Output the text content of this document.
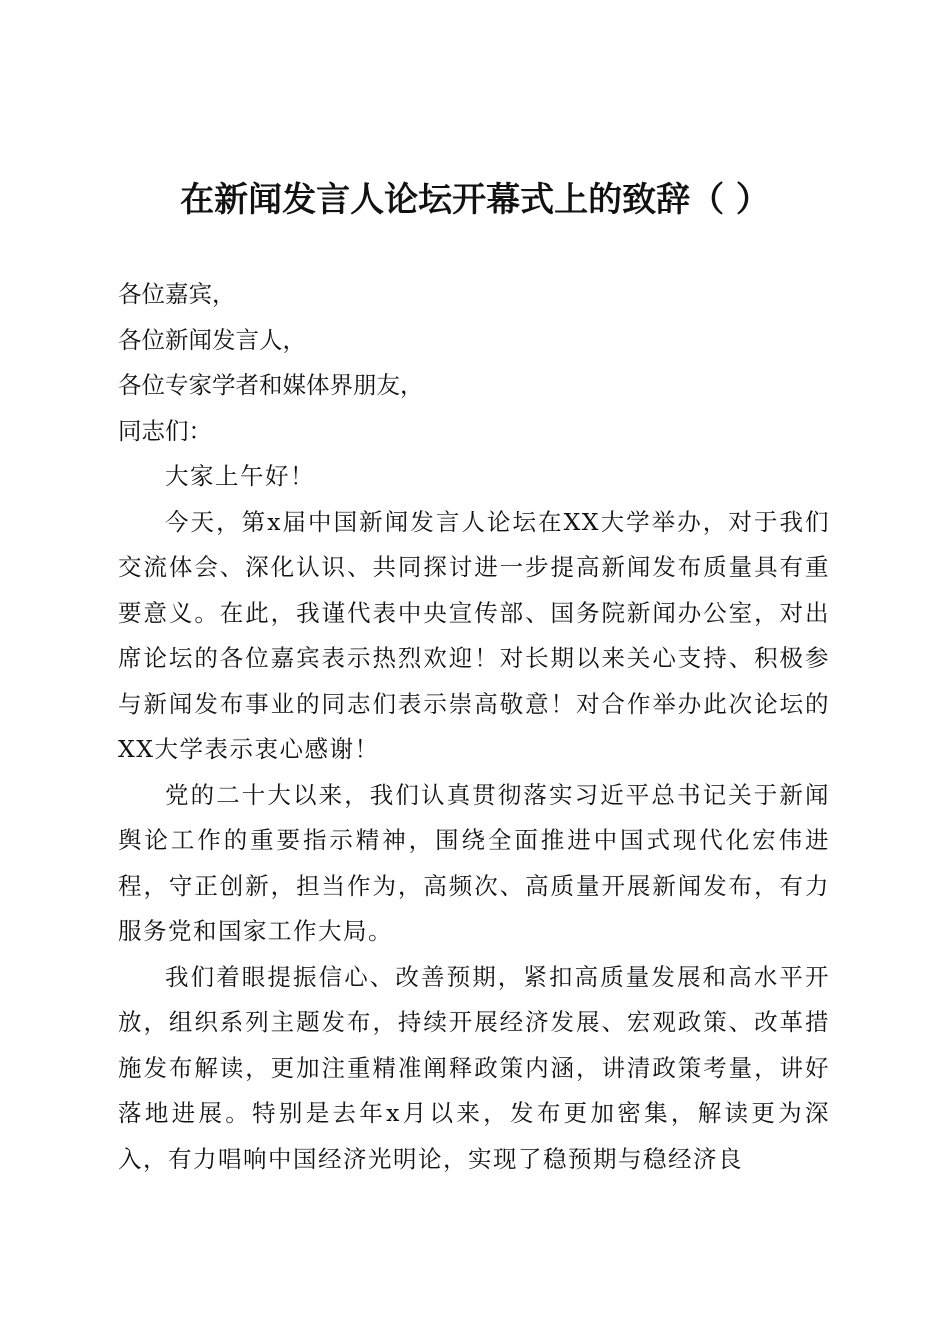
在新闻发言人论坛开幕式上的致辞（ ）
各位嘉宾，
各位新闻发言人，
各位专家学者和媒体界朋友，
同志们：

大家上午好！

今天，第x届中国新闻发言人论坛在XX大学举办，对于我们交流体会、深化认识、共同探讨进一步提高新闻发布质量具有重要意义。在此，我谨代表中央宣传部、国务院新闻办公室，对出席论坛的各位嘉宾表示热烈欢迎！对长期以来关心支持、积极参与新闻发布事业的同志们表示崇高敬意！对合作举办此次论坛的XX大学表示衷心感谢！

党的二十大以来，我们认真贯彻落实习近平总书记关于新闻舆论工作的重要指示精神，围绕全面推进中国式现代化宏伟进程，守正创新，担当作为，高频次、高质量开展新闻发布，有力服务党和国家工作大局。

我们着眼提振信心、改善预期，紧扣高质量发展和高水平开放，组织系列主题发布，持续开展经济发展、宏观政策、改革措施发布解读，更加注重精准阐释政策内涵，讲清政策考量，讲好落地进展。特别是去年x月以来，发布更加密集，解读更为深入，有力唱响中国经济光明论，实现了稳预期与稳经济良
